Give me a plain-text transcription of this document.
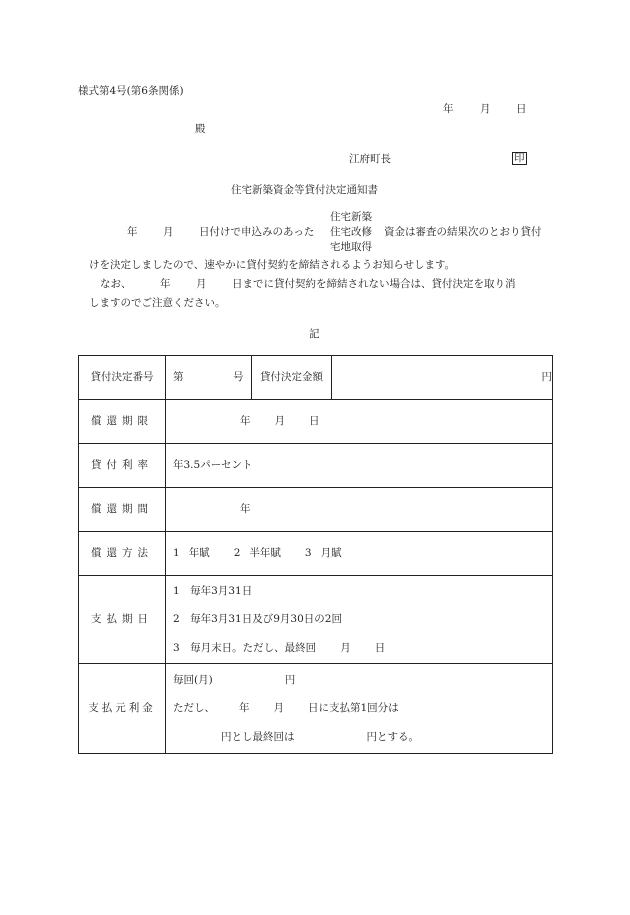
様式第4号(第6条関係)
年	月 日
殿
江府町長	印
住宅新築資金等貸付決定通知書
住宅新築
年 月 日付けで申込みのあった 住宅改修 資金は審査の結果次のとおり貸付
宅地取得
けを決定しましたので、速やかに貸付契約を締結されるようお知らせします。
なお、	年 月 日までに貸付契約を締結されない場合は、貸付決定を取り消
しますのでご注意ください。
記
貸付決定番号	第 号	貸付決定金額	円
償還期限	年 月 日		
貸付利率	年3.5パーセント		
償還期間	年		
償還方法	1 年賦 2 半年賦 3 月賦		
支払期日	1　毎年3月31日
2　毎年3月31日及び9月30日の2回
3　毎月末日。ただし、最終回 月 日		

支払元利金	毎回(月) 円
ただし、 年 月 日に支払第1回分は
円とし最終回は 円とする。		
